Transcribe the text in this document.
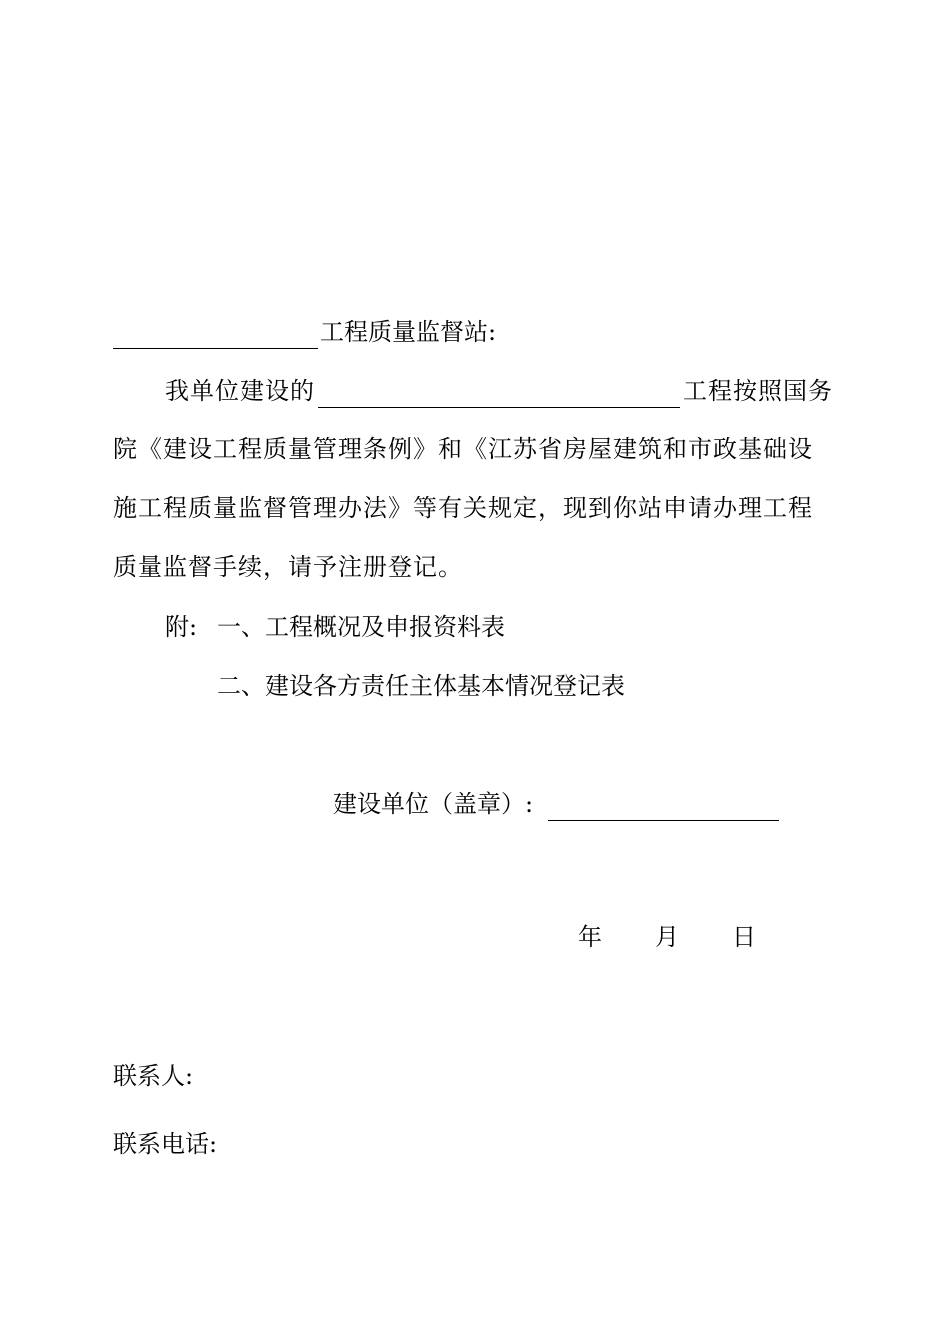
工程质量监督站:
我单位建设的	工程按照国务
院《建设工程质量管理条例》和《江苏省房屋建筑和市政基础设
施工程质量监督管理办法》等有关规定，现到你站申请办理工程
质量监督手续，请予注册登记。
附: 一、工程概况及申报资料表
二、建设各方责任主体基本情况登记表
建设单位（盖章）:
年 月 日
联系人:
联系电话:
